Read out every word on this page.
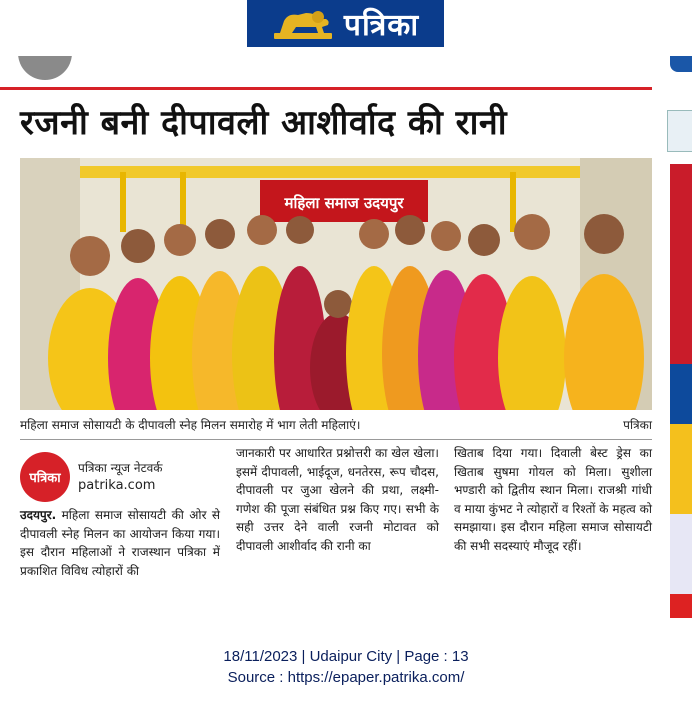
पत्रिका
रजनी बनी दीपावली आशीर्वाद की रानी
महिला समाज उदयपुर
महिला समाज सोसायटी के दीपावली स्नेह मिलन समारोह में भाग लेती महिलाएं।	पत्रिका
पत्रिका
पत्रिका न्यूज नेटवर्क
patrika.com
उदयपुर. महिला समाज सोसायटी की ओर से दीपावली स्नेह मिलन का आयोजन किया गया। इस दौरान महिलाओं ने राजस्थान पत्रिका में प्रकाशित विविध त्योहारों की
जानकारी पर आधारित प्रश्नोत्तरी का खेल खेला। इसमें दीपावली, भाईदूज, धनतेरस, रूप चौदस, दीपावली पर जुआ खेलने की प्रथा, लक्ष्मी-गणेश की पूजा संबंधित प्रश्न किए गए। सभी के सही उत्तर देने वाली रजनी मोटावत को दीपावली आशीर्वाद की रानी का
खिताब दिया गया। दिवाली बेस्ट ड्रेस का खिताब सुषमा गोयल को मिला। सुशीला भण्डारी को द्वितीय स्थान मिला। राजश्री गांधी व माया कुंभट ने त्योहारों व रिश्तों के महत्व को समझाया। इस दौरान महिला समाज सोसायटी की सभी सदस्याएं मौजूद रहीं।
18/11/2023 | Udaipur City | Page : 13
Source : https://epaper.patrika.com/
